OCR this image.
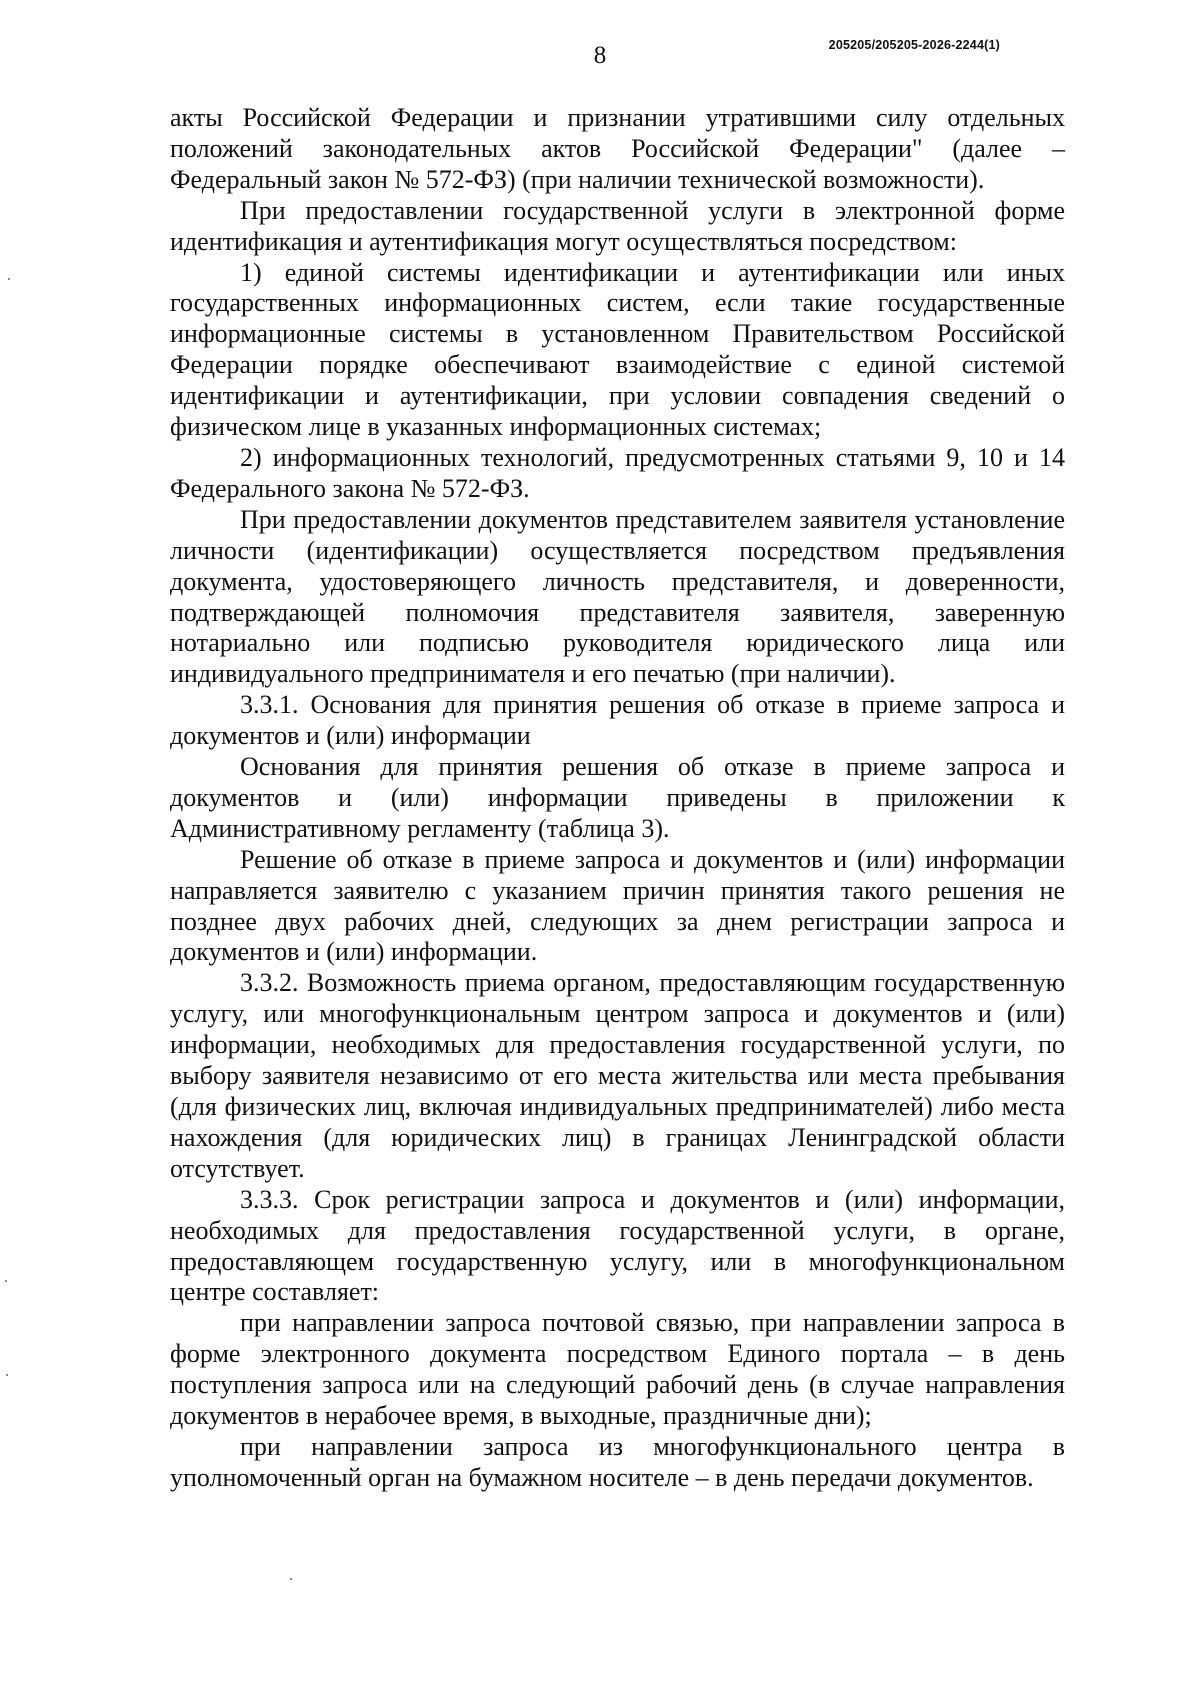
8	205205/205205-2026-2244(1)

акты Российской Федерации и признании утратившими силу отдельных положений законодательных актов Российской Федерации" (далее – Федеральный закон № 572-ФЗ) (при наличии технической возможности).

При предоставлении государственной услуги в электронной форме идентификация и аутентификация могут осуществляться посредством:

1) единой системы идентификации и аутентификации или иных государственных информационных систем, если такие государственные информационные системы в установленном Правительством Российской Федерации порядке обеспечивают взаимодействие с единой системой идентификации и аутентификации, при условии совпадения сведений о физическом лице в указанных информационных системах;

2) информационных технологий, предусмотренных статьями 9, 10 и 14 Федерального закона № 572-ФЗ.

При предоставлении документов представителем заявителя установление личности (идентификации) осуществляется посредством предъявления документа, удостоверяющего личность представителя, и доверенности, подтверждающей полномочия представителя заявителя, заверенную нотариально или подписью руководителя юридического лица или индивидуального предпринимателя и его печатью (при наличии).

3.3.1. Основания для принятия решения об отказе в приеме запроса и документов и (или) информации

Основания для принятия решения об отказе в приеме запроса и документов и (или) информации приведены в приложении к Административному регламенту (таблица 3).

Решение об отказе в приеме запроса и документов и (или) информации направляется заявителю с указанием причин принятия такого решения не позднее двух рабочих дней, следующих за днем регистрации запроса и документов и (или) информации.

3.3.2. Возможность приема органом, предоставляющим государственную услугу, или многофункциональным центром запроса и документов и (или) информации, необходимых для предоставления государственной услуги, по выбору заявителя независимо от его места жительства или места пребывания (для физических лиц, включая индивидуальных предпринимателей) либо места нахождения (для юридических лиц) в границах Ленинградской области отсутствует.

3.3.3. Срок регистрации запроса и документов и (или) информации, необходимых для предоставления государственной услуги, в органе, предоставляющем государственную услугу, или в многофункциональном центре составляет:

при направлении запроса почтовой связью, при направлении запроса в форме электронного документа посредством Единого портала – в день поступления запроса или на следующий рабочий день (в случае направления документов в нерабочее время, в выходные, праздничные дни);

при направлении запроса из многофункционального центра в уполномоченный орган на бумажном носителе – в день передачи документов.
